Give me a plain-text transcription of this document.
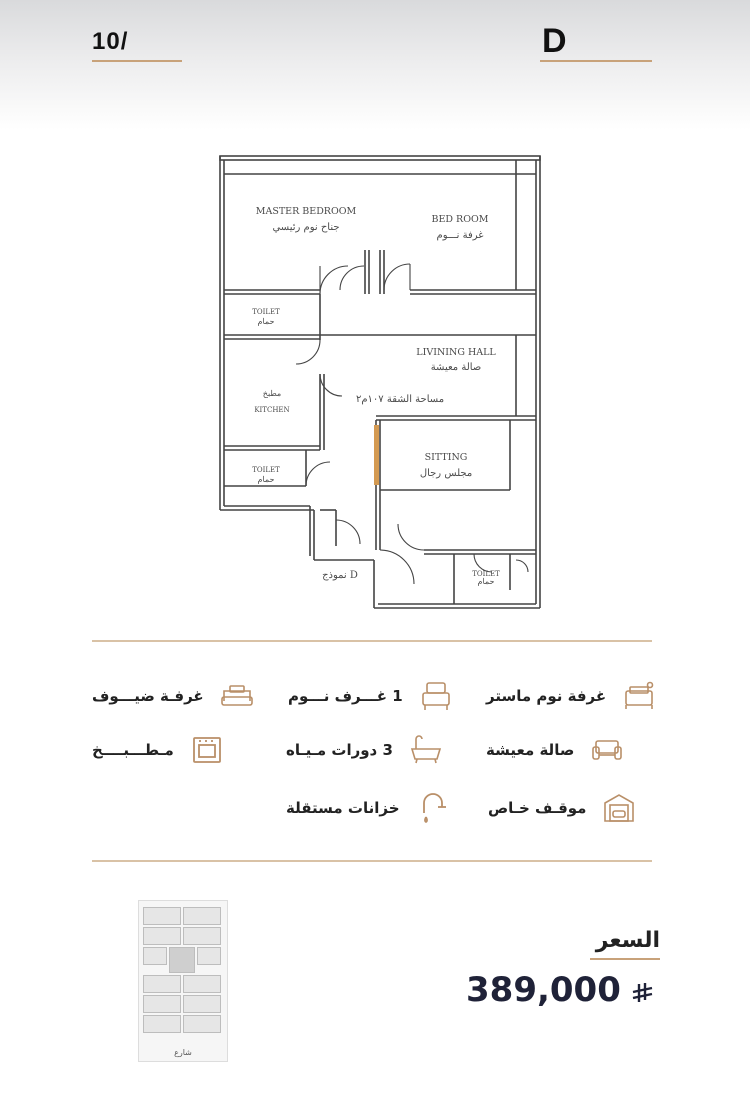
10/	D
MASTER BEDROOM
جناح نوم رئيسي
BED ROOM
غرفة نـــوم
TOILET
حمام
LIVINING HALL
صالة معيشة
مساحة الشقة ١٠٧م٢
مطبخ
KITCHEN
SITTING
مجلس رجال
TOILET
حمام
TOILET
حمام
نموذج D
غرفة نوم ماستر
1 غـــرف نـــوم
غرفـة ضيـــوف
صالة معيشة
3 دورات مـيـاه
مـطـــبــــخ
موقـف خـاص
خزانات مستقلة
شارع
السعر
389,000
